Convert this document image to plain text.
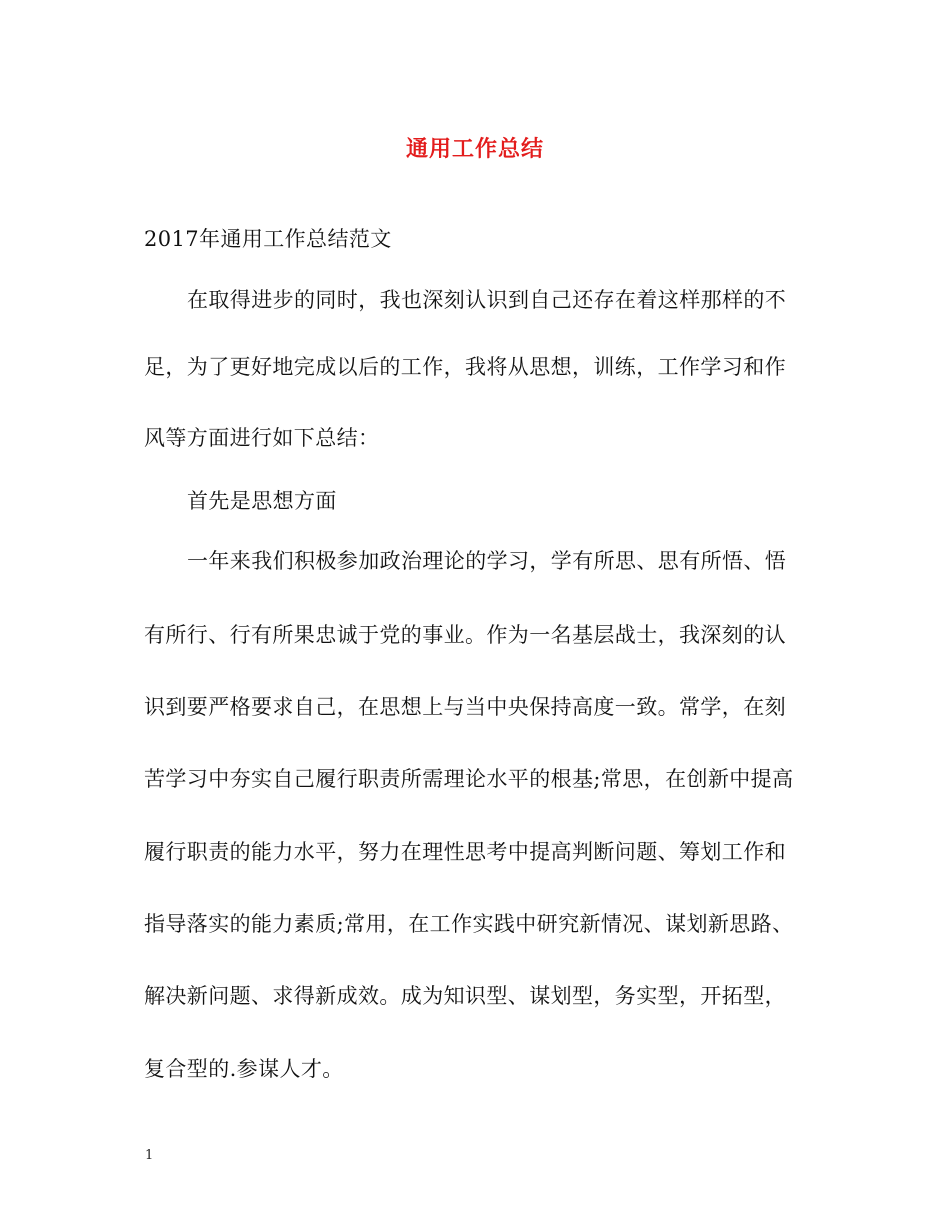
通用工作总结
2017年通用工作总结范文
在取得进步的同时，我也深刻认识到自己还存在着这样那样的不
足，为了更好地完成以后的工作，我将从思想，训练，工作学习和作
风等方面进行如下总结：
首先是思想方面
一年来我们积极参加政治理论的学习，学有所思、思有所悟、悟
有所行、行有所果忠诚于党的事业。作为一名基层战士，我深刻的认
识到要严格要求自己，在思想上与当中央保持高度一致。常学，在刻
苦学习中夯实自己履行职责所需理论水平的根基;常思，在创新中提高
履行职责的能力水平，努力在理性思考中提高判断问题、筹划工作和
指导落实的能力素质;常用，在工作实践中研究新情况、谋划新思路、
解决新问题、求得新成效。成为知识型、谋划型，务实型，开拓型，
复合型的.参谋人才。
1
